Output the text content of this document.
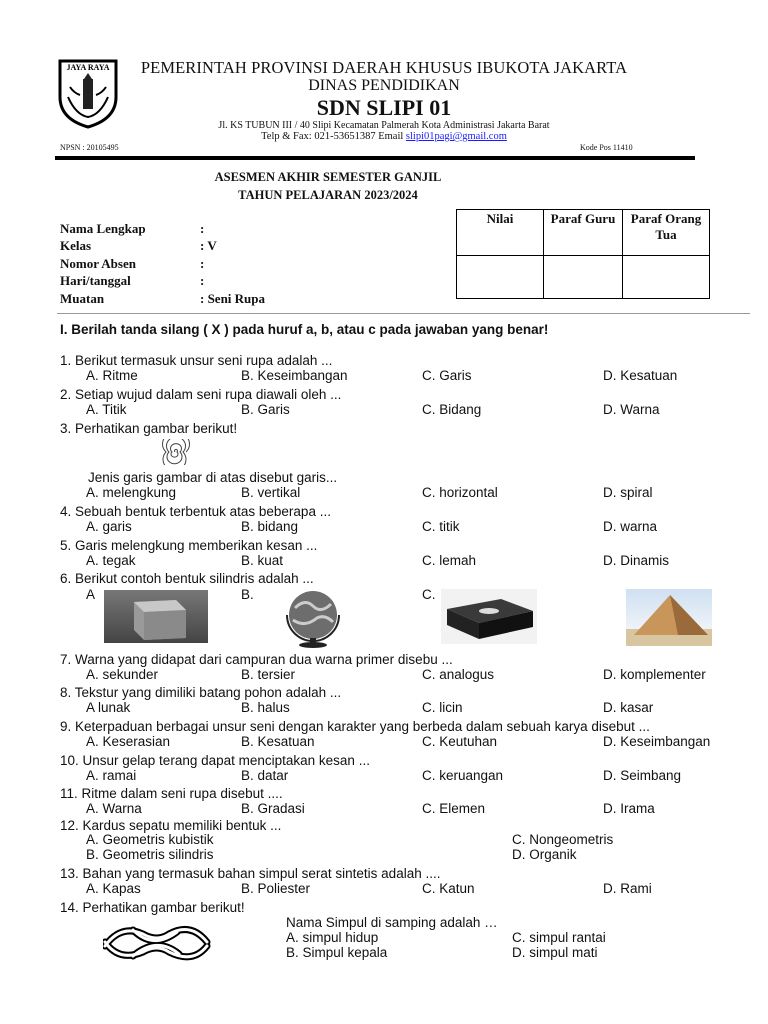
JAYA RAYA	PEMERINTAH PROVINSI DAERAH KHUSUS IBUKOTA JAKARTA
DINAS PENDIDIKAN
SDN SLIPI 01
Jl. KS TUBUN III / 40 Slipi Kecamatan Palmerah Kota Administrasi Jakarta Barat
Telp & Fax: 021-53651387 Email slipi01pagi@gmail.com
NPSN : 20105495	Kode Pos 11410
ASESMEN AKHIR SEMESTER GANJIL
TAHUN PELAJARAN 2023/2024
Nama Lengkap	:
Kelas	: V
Nomor Absen	:
Hari/tanggal	:
Muatan	: Seni Rupa
Nilai	Paraf Guru	Paraf Orang Tua

I. Berilah tanda silang ( X ) pada huruf a, b, atau c pada jawaban yang benar!
1. Berikut termasuk unsur seni rupa adalah ...
A. Ritme	B. Keseimbangan	C. Garis	D. Kesatuan
2. Setiap wujud dalam seni rupa diawali oleh ...
A. Titik	B. Garis	C. Bidang	D. Warna
3. Perhatikan gambar berikut!
Jenis garis gambar di atas disebut garis...
A. melengkung	B. vertikal	C. horizontal	D. spiral
4. Sebuah bentuk terbentuk atas beberapa ...
A. garis	B. bidang	C. titik	D. warna
5. Garis melengkung memberikan kesan ...
A. tegak	B. kuat	C. lemah	D. Dinamis
6. Berikut contoh bentuk silindris adalah ...
A	B.	C.
7. Warna yang didapat dari campuran dua warna primer disebu ...
A. sekunder	B. tersier	C. analogus	D. komplementer
8. Tekstur yang dimiliki batang pohon adalah ...
A lunak	B. halus	C. licin	D. kasar
9. Keterpaduan berbagai unsur seni dengan karakter yang berbeda dalam sebuah karya disebut ...
A. Keserasian	B. Kesatuan	C. Keutuhan	D. Keseimbangan
10. Unsur gelap terang dapat menciptakan kesan ...
A. ramai	B. datar	C. keruangan	D. Seimbang
11. Ritme dalam seni rupa disebut ....
A. Warna	B. Gradasi	C. Elemen	D. Irama
12. Kardus sepatu memiliki bentuk ...
A. Geometris kubistik	C. Nongeometris
B. Geometris silindris	D. Organik
13. Bahan yang termasuk bahan simpul serat sintetis adalah ....
A. Kapas	B. Poliester	C. Katun	D. Rami
14. Perhatikan gambar berikut!
Nama Simpul di samping adalah …
A. simpul hidup	C. simpul rantai
B. Simpul kepala	D. simpul mati
